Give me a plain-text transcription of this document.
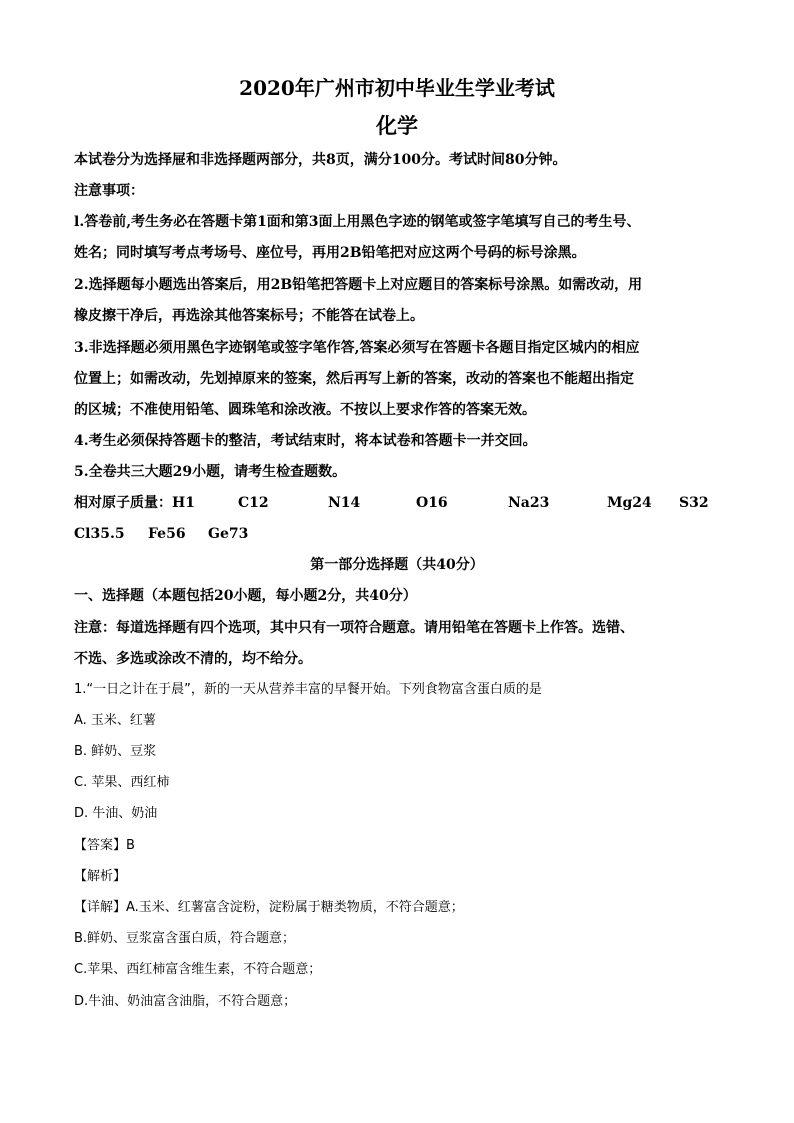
2020年广州市初中毕业生学业考试
化学
本试卷分为选择屉和非选择题两部分，共8页，满分100分。考试时间80分钟。
注意事项：
l.答卷前,考生务必在答题卡第1面和第3面上用黑色字迹的钢笔或签字笔填写自己的考生号、
姓名；同时填写考点考场号、座位号，再用2B铅笔把对应这两个号码的标号涂黑。
2.选择题每小题选出答案后，用2B铅笔把答题卡上对应题目的答案标号涂黑。如需改动，用
橡皮擦干净后，再选涂其他答案标号；不能答在试卷上。
3.非选择题必须用黑色字迹钢笔或签字笔作答,答案必须写在答题卡各题目指定区城内的相应
位置上；如需改动，先划掉原来的签案，然后再写上新的答案，改动的答案也不能超出指定
的区城；不准使用铅笔、圆珠笔和涂改液。不按以上要求作答的答案无效。
4.考生必须保持答题卡的整洁，考试结束时，将本试卷和答题卡一并交回。
5.全卷共三大题29小题，请考生检查题数。
相对原子质量：H1	C12	N14	O16	Na23	Mg24 S32
Cl35.5 Fe56 Ge73
第一部分选择题（共40分）
一、选择题（本题包括20小题，每小题2分，共40分）
注意：每道选择题有四个选项，其中只有一项符合题意。请用铅笔在答题卡上作答。选错、
不选、多选或涂改不清的，均不给分。
1.“一日之计在于晨”，新的一天从营养丰富的早餐开始。下列食物富含蛋白质的是
A. 玉米、红薯
B. 鲜奶、豆浆
C. 苹果、西红柿
D. 牛油、奶油
【答案】B
【解析】
【详解】A.玉米、红薯富含淀粉，淀粉属于糖类物质，不符合题意；
B.鲜奶、豆浆富含蛋白质，符合题意；
C.苹果、西红柿富含维生素，不符合题意；
D.牛油、奶油富含油脂，不符合题意；
